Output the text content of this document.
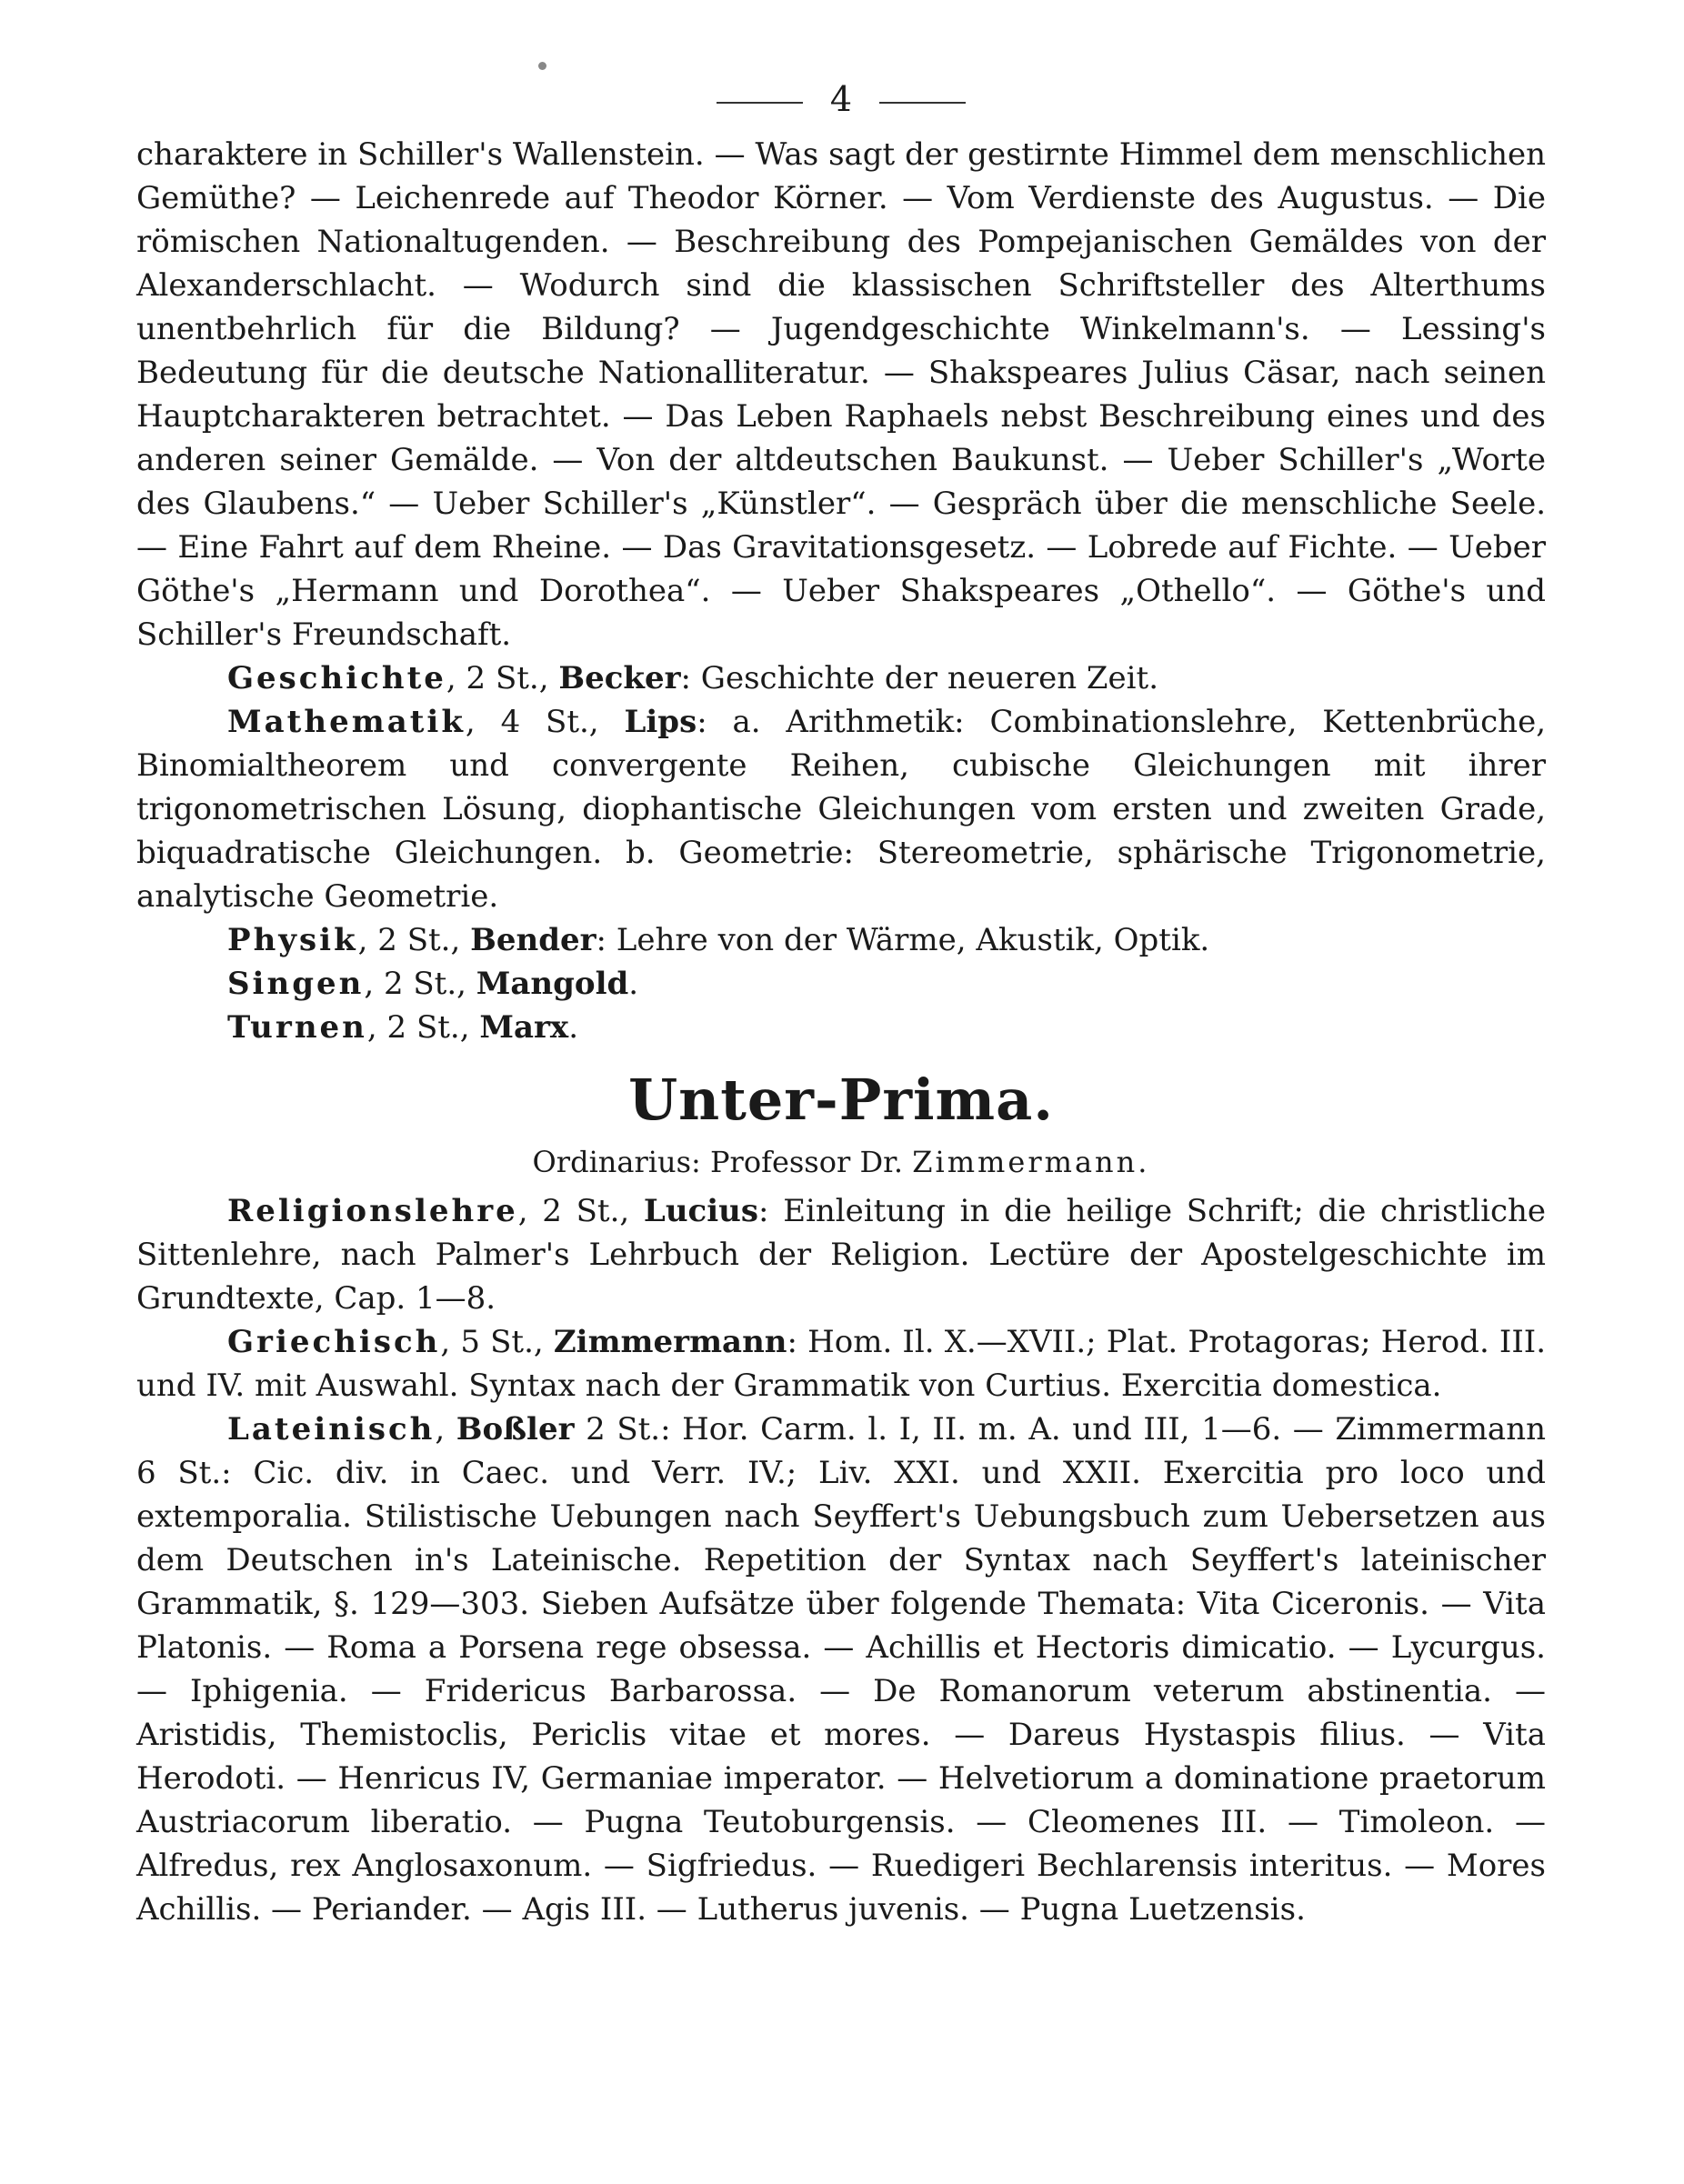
4

charaktere in Schiller's Wallenstein. — Was sagt der gestirnte Himmel dem menschlichen Gemüthe? — Leichenrede auf Theodor Körner. — Vom Verdienste des Augustus. — Die römischen Nationaltugenden. — Beschreibung des Pompejanischen Gemäldes von der Alexanderschlacht. — Wodurch sind die klassischen Schriftsteller des Alterthums unentbehrlich für die Bildung? — Jugendgeschichte Winkelmann's. — Lessing's Bedeutung für die deutsche Nationalliteratur. — Shakspeares Julius Cäsar, nach seinen Hauptcharakteren betrachtet. — Das Leben Raphaels nebst Beschreibung eines und des anderen seiner Gemälde. — Von der altdeutschen Baukunst. — Ueber Schiller's „Worte des Glaubens.“ — Ueber Schiller's „Künstler“. — Gespräch über die menschliche Seele. — Eine Fahrt auf dem Rheine. — Das Gravitationsgesetz. — Lobrede auf Fichte. — Ueber Göthe's „Hermann und Dorothea“. — Ueber Shakspeares „Othello“. — Göthe's und Schiller's Freundschaft.

Geschichte, 2 St., Becker: Geschichte der neueren Zeit.

Mathematik, 4 St., Lips: a. Arithmetik: Combinationslehre, Kettenbrüche, Binomialtheorem und convergente Reihen, cubische Gleichungen mit ihrer trigonometrischen Lösung, diophantische Gleichungen vom ersten und zweiten Grade, biquadratische Gleichungen. b. Geometrie: Stereometrie, sphärische Trigonometrie, analytische Geometrie.

Physik, 2 St., Bender: Lehre von der Wärme, Akustik, Optik.

Singen, 2 St., Mangold.

Turnen, 2 St., Marx.

Unter-Prima.
Ordinarius: Professor Dr. Zimmermann.

Religionslehre, 2 St., Lucius: Einleitung in die heilige Schrift; die christliche Sittenlehre, nach Palmer's Lehrbuch der Religion. Lectüre der Apostelgeschichte im Grundtexte, Cap. 1—8.

Griechisch, 5 St., Zimmermann: Hom. Il. X.—XVII.; Plat. Protagoras; Herod. III. und IV. mit Auswahl. Syntax nach der Grammatik von Curtius. Exercitia domestica.

Lateinisch, Boßler 2 St.: Hor. Carm. l. I, II. m. A. und III, 1—6. — Zimmermann 6 St.: Cic. div. in Caec. und Verr. IV.; Liv. XXI. und XXII. Exercitia pro loco und extemporalia. Stilistische Uebungen nach Seyffert's Uebungsbuch zum Uebersetzen aus dem Deutschen in's Lateinische. Repetition der Syntax nach Seyffert's lateinischer Grammatik, §. 129—303. Sieben Aufsätze über folgende Themata: Vita Ciceronis. — Vita Platonis. — Roma a Porsena rege obsessa. — Achillis et Hectoris dimicatio. — Lycurgus. — Iphigenia. — Fridericus Barbarossa. — De Romanorum veterum abstinentia. — Aristidis, Themistoclis, Periclis vitae et mores. — Dareus Hystaspis filius. — Vita Herodoti. — Henricus IV, Germaniae imperator. — Helvetiorum a dominatione praetorum Austriacorum liberatio. — Pugna Teutoburgensis. — Cleomenes III. — Timoleon. — Alfredus, rex Anglosaxonum. — Sigfriedus. — Ruedigeri Bechlarensis interitus. — Mores Achillis. — Periander. — Agis III. — Lutherus juvenis. — Pugna Luetzensis.
